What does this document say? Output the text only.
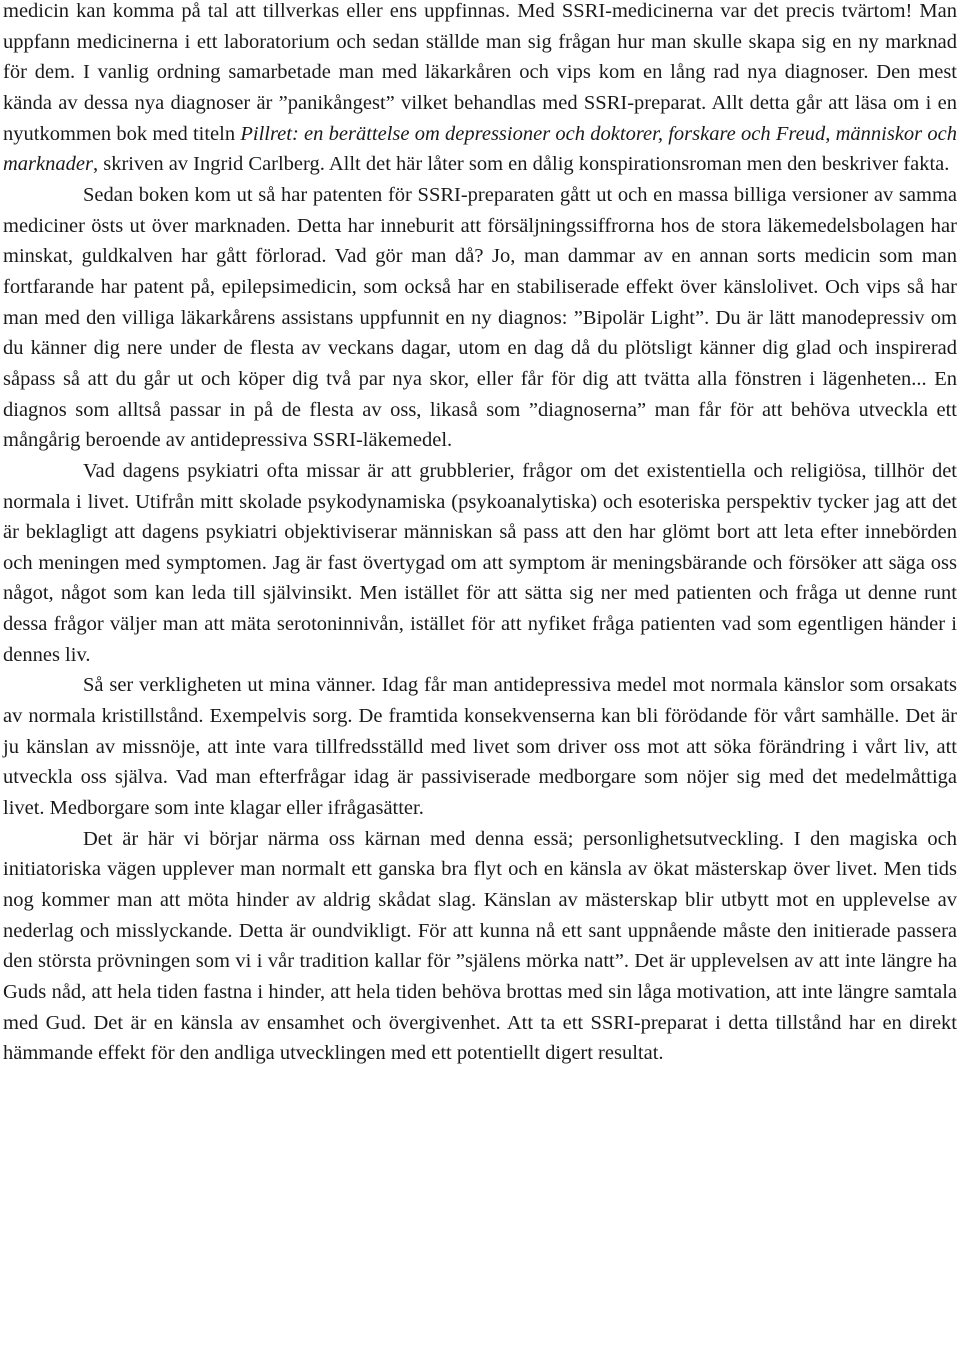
medicin kan komma på tal att tillverkas eller ens uppfinnas. Med SSRI-medicinerna var det precis tvärtom! Man uppfann medicinerna i ett laboratorium och sedan ställde man sig frågan hur man skulle skapa sig en ny marknad för dem. I vanlig ordning samarbetade man med läkarkåren och vips kom en lång rad nya diagnoser. Den mest kända av dessa nya diagnoser är ”panikångest” vilket behandlas med SSRI-preparat. Allt detta går att läsa om i en nyutkommen bok med titeln Pillret: en berättelse om depressioner och doktorer, forskare och Freud, människor och marknader, skriven av Ingrid Carlberg. Allt det här låter som en dålig konspirationsroman men den beskriver fakta.

Sedan boken kom ut så har patenten för SSRI-preparaten gått ut och en massa billiga versioner av samma mediciner östs ut över marknaden. Detta har inneburit att försäljningssiffrorna hos de stora läkemedelsbolagen har minskat, guldkalven har gått förlorad. Vad gör man då? Jo, man dammar av en annan sorts medicin som man fortfarande har patent på, epilepsimedicin, som också har en stabiliserade effekt över känslolivet. Och vips så har man med den villiga läkarkårens assistans uppfunnit en ny diagnos: ”Bipolär Light”. Du är lätt manodepressiv om du känner dig nere under de flesta av veckans dagar, utom en dag då du plötsligt känner dig glad och inspirerad såpass så att du går ut och köper dig två par nya skor, eller får för dig att tvätta alla fönstren i lägenheten... En diagnos som alltså passar in på de flesta av oss, likaså som ”diagnoserna” man får för att behöva utveckla ett mångårig beroende av antidepressiva SSRI-läkemedel.

Vad dagens psykiatri ofta missar är att grubblerier, frågor om det existentiella och religiösa, tillhör det normala i livet. Utifrån mitt skolade psykodynamiska (psykoanalytiska) och esoteriska perspektiv tycker jag att det är beklagligt att dagens psykiatri objektiviserar människan så pass att den har glömt bort att leta efter innebörden och meningen med symptomen. Jag är fast övertygad om att symptom är meningsbärande och försöker att säga oss något, något som kan leda till självinsikt. Men istället för att sätta sig ner med patienten och fråga ut denne runt dessa frågor väljer man att mäta serotoninnivån, istället för att nyfiket fråga patienten vad som egentligen händer i dennes liv.

Så ser verkligheten ut mina vänner. Idag får man antidepressiva medel mot normala känslor som orsakats av normala kristillstånd. Exempelvis sorg. De framtida konsekvenserna kan bli förödande för vårt samhälle. Det är ju känslan av missnöje, att inte vara tillfredsställd med livet som driver oss mot att söka förändring i vårt liv, att utveckla oss själva. Vad man efterfrågar idag är passiviserade medborgare som nöjer sig med det medelmåttiga livet. Medborgare som inte klagar eller ifrågasätter.

Det är här vi börjar närma oss kärnan med denna essä; personlighetsutveckling. I den magiska och initiatoriska vägen upplever man normalt ett ganska bra flyt och en känsla av ökat mästerskap över livet. Men tids nog kommer man att möta hinder av aldrig skådat slag. Känslan av mästerskap blir utbytt mot en upplevelse av nederlag och misslyckande. Detta är oundvikligt. För att kunna nå ett sant uppnående måste den initierade passera den största prövningen som vi i vår tradition kallar för ”själens mörka natt”. Det är upplevelsen av att inte längre ha Guds nåd, att hela tiden fastna i hinder, att hela tiden behöva brottas med sin låga motivation, att inte längre samtala med Gud. Det är en känsla av ensamhet och övergivenhet. Att ta ett SSRI-preparat i detta tillstånd har en direkt hämmande effekt för den andliga utvecklingen med ett potentiellt digert resultat.
